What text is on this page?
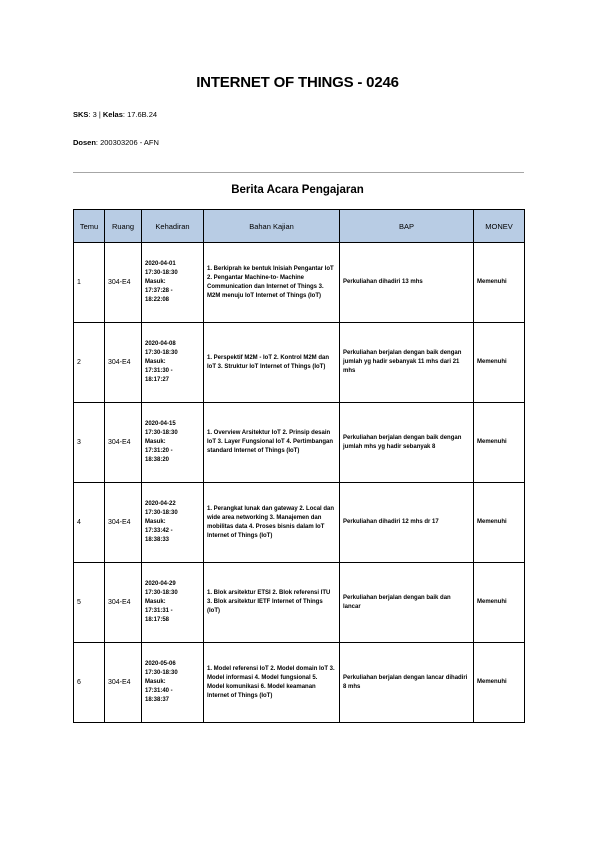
INTERNET OF THINGS - 0246
SKS: 3 | Kelas: 17.6B.24
Dosen: 200303206 - AFN
Berita Acara Pengajaran
Temu	Ruang	Kehadiran	Bahan Kajian	BAP	MONEV
1	304-E4	2020-04-01
17:30-18:30
Masuk:
17:37:28 -
18:22:08	1. Berkiprah ke bentuk Inisiah Pengantar IoT 2. Pengantar Machine-to- Machine Communication dan Internet of Things 3. M2M menuju IoT Internet of Things (IoT)	Perkuliahan dihadiri 13 mhs	Memenuhi
2	304-E4	2020-04-08
17:30-18:30
Masuk:
17:31:30 -
18:17:27	1. Perspektif M2M - IoT 2. Kontrol M2M dan IoT 3. Struktur IoT Internet of Things (IoT)	Perkuliahan berjalan dengan baik dengan jumlah yg hadir sebanyak 11 mhs dari 21 mhs	Memenuhi
3	304-E4	2020-04-15
17:30-18:30
Masuk:
17:31:20 -
18:38:20	1. Overview Arsitektur IoT 2. Prinsip desain IoT 3. Layer Fungsional IoT 4. Pertimbangan standard Internet of Things (IoT)	Perkuliahan berjalan dengan baik dengan jumlah mhs yg hadir sebanyak 8	Memenuhi
4	304-E4	2020-04-22
17:30-18:30
Masuk:
17:33:42 -
18:38:33	1. Perangkat lunak dan gateway 2. Local dan wide area networking 3. Manajemen dan mobilitas data 4. Proses bisnis dalam IoT Internet of Things (IoT)	Perkuliahan dihadiri 12 mhs dr 17	Memenuhi
5	304-E4	2020-04-29
17:30-18:30
Masuk:
17:31:31 -
18:17:58	1. Blok arsitektur ETSI 2. Blok referensi ITU 3. Blok arsitektur IETF Internet of Things (IoT)	Perkuliahan berjalan dengan baik dan lancar	Memenuhi
6	304-E4	2020-05-06
17:30-18:30
Masuk:
17:31:40 -
18:38:37	1. Model referensi IoT 2. Model domain IoT 3. Model informasi 4. Model fungsional 5. Model komunikasi 6. Model keamanan Internet of Things (IoT)	Perkuliahan berjalan dengan lancar dihadiri 8 mhs	Memenuhi
